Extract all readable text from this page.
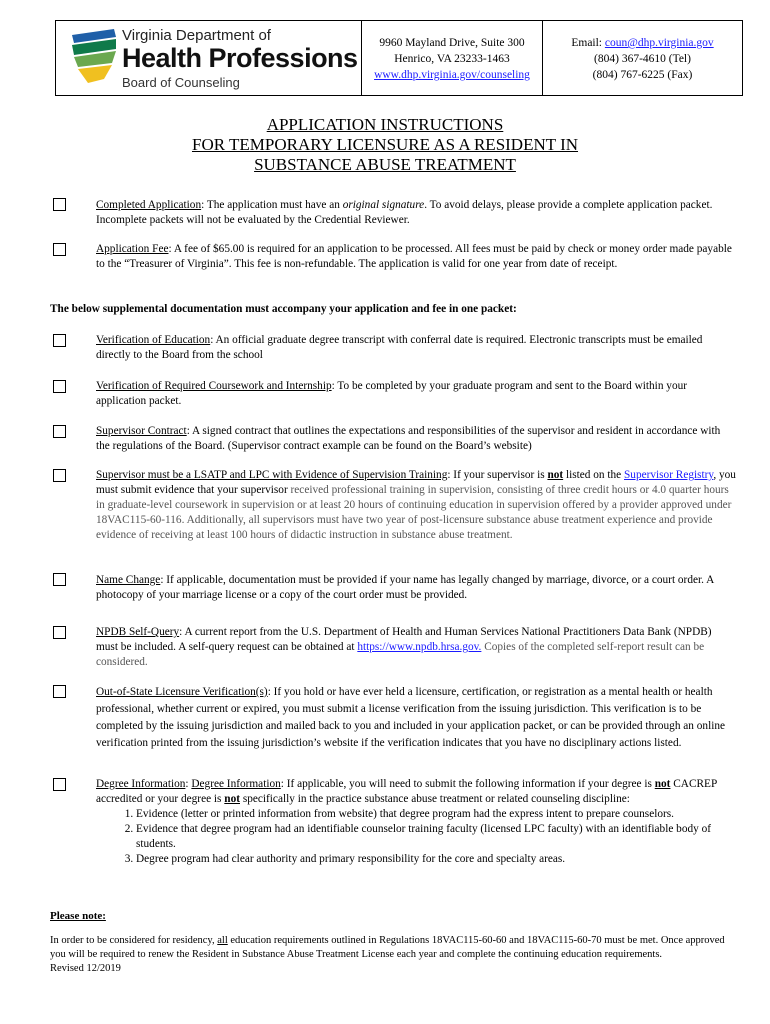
Virginia Department of
Health Professions
Board of Counseling
9960 Mayland Drive, Suite 300
Henrico, VA 23233-1463
www.dhp.virginia.gov/counseling
Email: coun@dhp.virginia.gov
(804) 367-4610 (Tel)
(804) 767-6225 (Fax)
APPLICATION INSTRUCTIONS
FOR TEMPORARY LICENSURE AS A RESIDENT IN
SUBSTANCE ABUSE TREATMENT
Completed Application: The application must have an original signature. To avoid delays, please provide a complete application packet. Incomplete packets will not be evaluated by the Credential Reviewer.
Application Fee: A fee of $65.00 is required for an application to be processed. All fees must be paid by check or money order made payable to the “Treasurer of Virginia”. This fee is non-refundable. The application is valid for one year from date of receipt.
The below supplemental documentation must accompany your application and fee in one packet:
Verification of Education: An official graduate degree transcript with conferral date is required. Electronic transcripts must be emailed directly to the Board from the school
Verification of Required Coursework and Internship: To be completed by your graduate program and sent to the Board within your application packet.
Supervisor Contract: A signed contract that outlines the expectations and responsibilities of the supervisor and resident in accordance with the regulations of the Board. (Supervisor contract example can be found on the Board’s website)
Supervisor must be a LSATP and LPC with Evidence of Supervision Training: If your supervisor is not listed on the Supervisor Registry, you must submit evidence that your supervisor received professional training in supervision, consisting of three credit hours or 4.0 quarter hours in graduate-level coursework in supervision or at least 20 hours of continuing education in supervision offered by a provider approved under 18VAC115-60-116. Additionally, all supervisors must have two year of post-licensure substance abuse treatment experience and provide evidence of receiving at least 100 hours of didactic instruction in substance abuse treatment.
Name Change: If applicable, documentation must be provided if your name has legally changed by marriage, divorce, or a court order. A photocopy of your marriage license or a copy of the court order must be provided.
NPDB Self-Query: A current report from the U.S. Department of Health and Human Services National Practitioners Data Bank (NPDB) must be included. A self-query request can be obtained at https://www.npdb.hrsa.gov. Copies of the completed self-report result can be considered.
Out-of-State Licensure Verification(s): If you hold or have ever held a licensure, certification, or registration as a mental health or health professional, whether current or expired, you must submit a license verification from the issuing jurisdiction. This verification is to be completed by the issuing jurisdiction and mailed back to you and included in your application packet, or can be provided through an online verification printed from the issuing jurisdiction’s website if the verification indicates that you have no disciplinary actions listed.
Degree Information: Degree Information: If applicable, you will need to submit the following information if your degree is not CACREP accredited or your degree is not specifically in the practice substance abuse treatment or related counseling discipline:
1. Evidence (letter or printed information from website) that degree program had the express intent to prepare counselors.
2. Evidence that degree program had an identifiable counselor training faculty (licensed LPC faculty) with an identifiable body of students.
3. Degree program had clear authority and primary responsibility for the core and specialty areas.
Please note:
In order to be considered for residency, all education requirements outlined in Regulations 18VAC115-60-60 and 18VAC115-60-70 must be met. Once approved you will be required to renew the Resident in Substance Abuse Treatment License each year and complete the continuing education requirements.
Revised 12/2019
